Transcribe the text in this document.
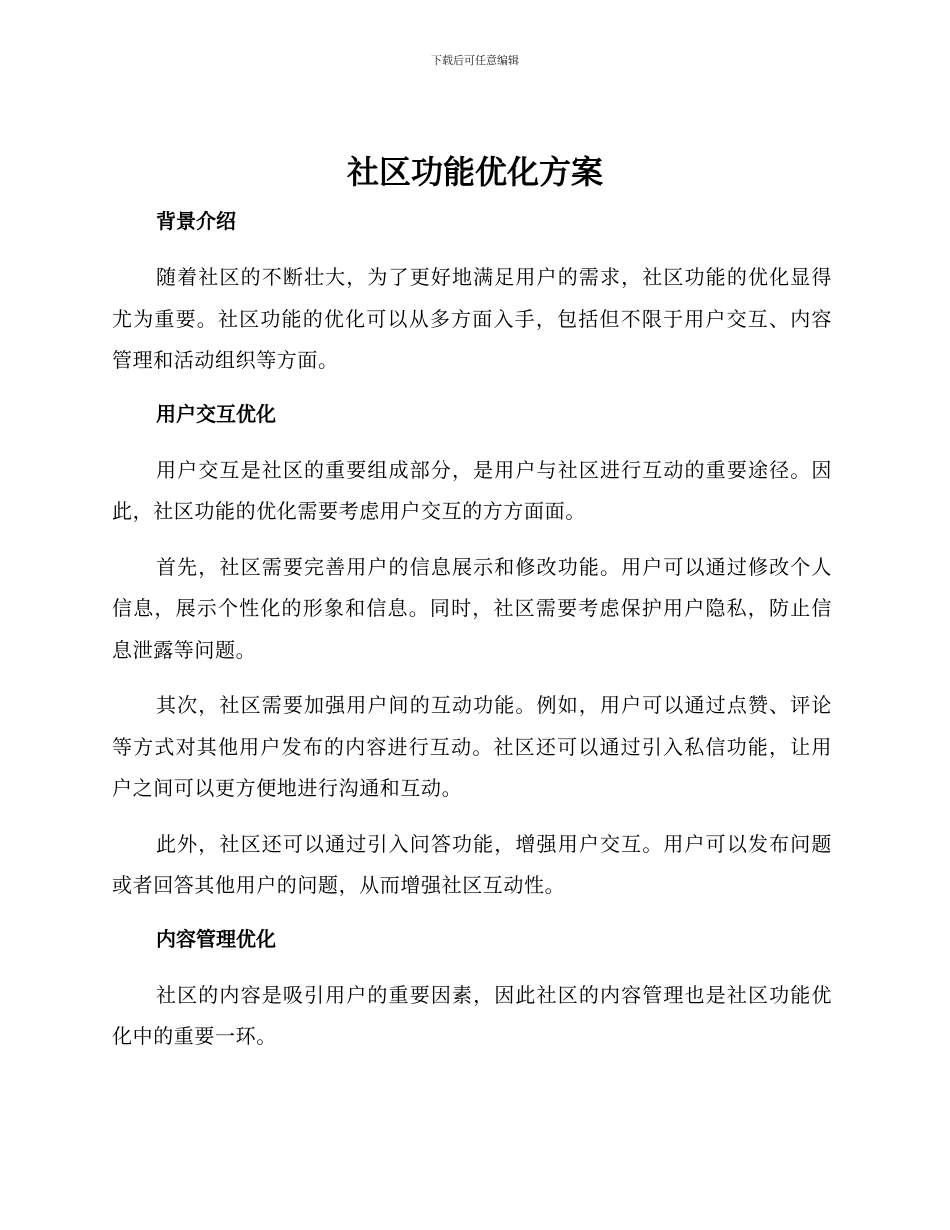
下载后可任意编辑
社区功能优化方案
背景介绍

随着社区的不断壮大，为了更好地满足用户的需求，社区功能的优化显得尤为重要。社区功能的优化可以从多方面入手，包括但不限于用户交互、内容管理和活动组织等方面。

用户交互优化

用户交互是社区的重要组成部分，是用户与社区进行互动的重要途径。因此，社区功能的优化需要考虑用户交互的方方面面。

首先，社区需要完善用户的信息展示和修改功能。用户可以通过修改个人信息，展示个性化的形象和信息。同时，社区需要考虑保护用户隐私，防止信息泄露等问题。

其次，社区需要加强用户间的互动功能。例如，用户可以通过点赞、评论等方式对其他用户发布的内容进行互动。社区还可以通过引入私信功能，让用户之间可以更方便地进行沟通和互动。

此外，社区还可以通过引入问答功能，增强用户交互。用户可以发布问题或者回答其他用户的问题，从而增强社区互动性。

内容管理优化

社区的内容是吸引用户的重要因素，因此社区的内容管理也是社区功能优化中的重要一环。
